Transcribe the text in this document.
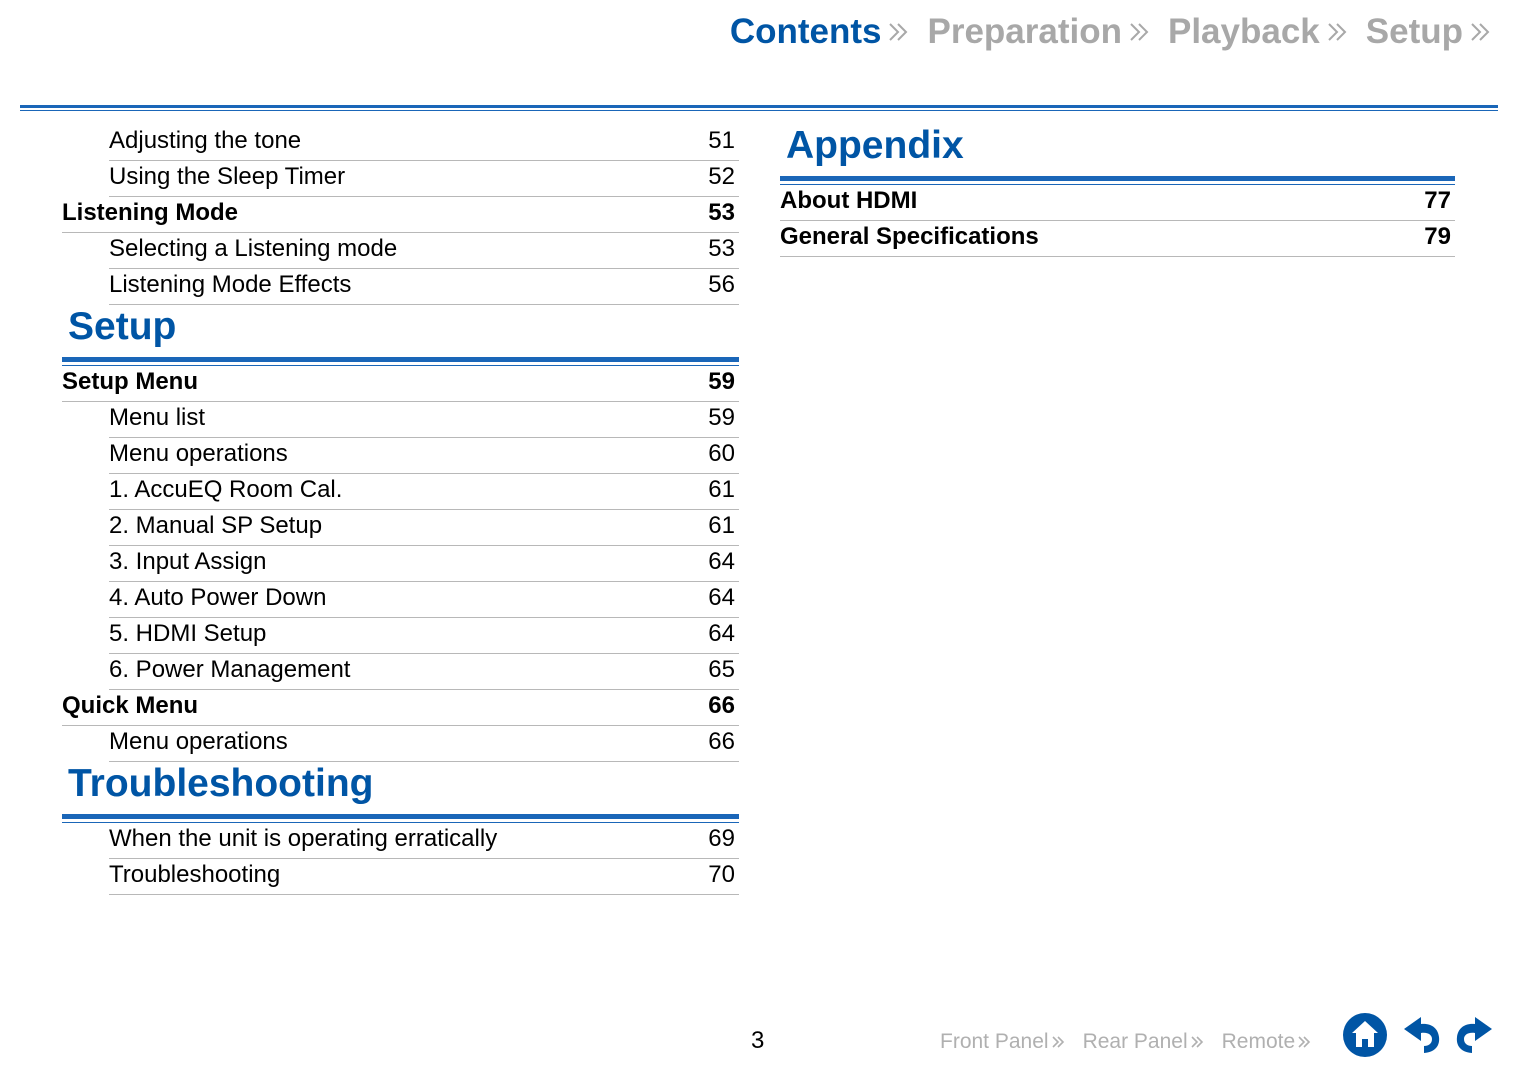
Contents Preparation Playback Setup
Adjusting the tone	51
Using the Sleep Timer	52
Listening Mode	53
Selecting a Listening mode	53
Listening Mode Effects	56
Setup
Setup Menu	59
Menu list	59
Menu operations	60
1. AccuEQ Room Cal.	61
2. Manual SP Setup	61
3. Input Assign	64
4. Auto Power Down	64
5. HDMI Setup	64
6. Power Management	65
Quick Menu	66
Menu operations	66
Troubleshooting
When the unit is operating erratically	69
Troubleshooting	70
Appendix
About HDMI	77
General Specifications	79
3	Front Panel Rear Panel Remote
